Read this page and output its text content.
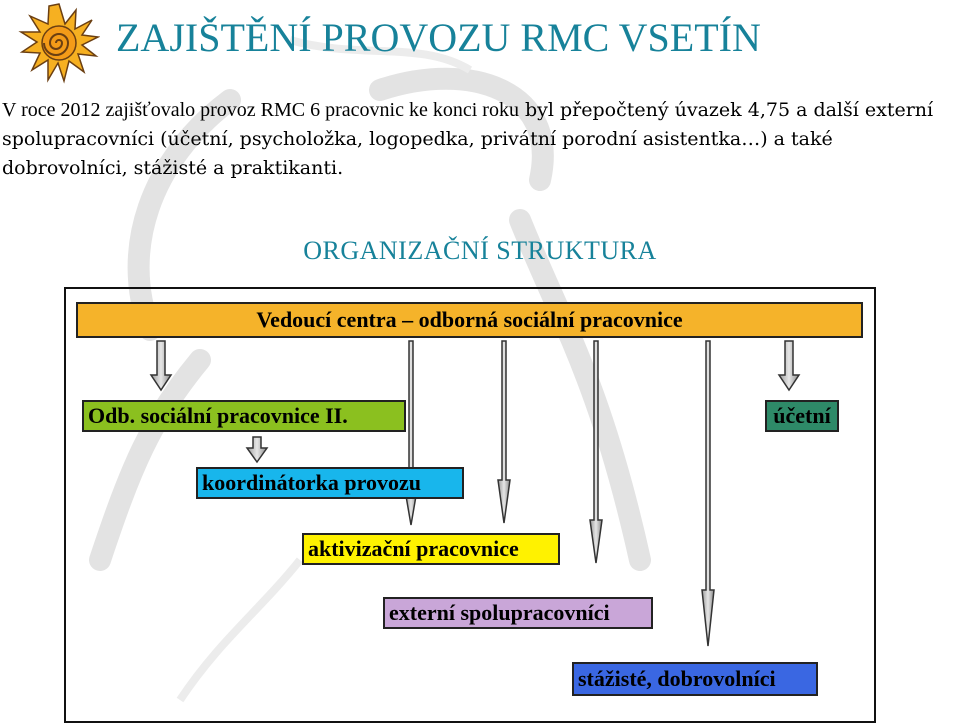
ZAJIŠTĚNÍ PROVOZU RMC VSETÍN

V roce 2012 zajišťovalo provoz RMC 6 pracovnic ke konci roku byl přepočtený úvazek 4,75 a další externí spolupracovníci (účetní, psycholožka, logopedka, privátní porodní asistentka…) a také dobrovolníci, stážisté a praktikanti.

ORGANIZAČNÍ STRUKTURA
Vedoucí centra – odborná sociální pracovnice
Odb. sociální pracovnice II.	účetní
koordinátorka provozu
aktivizační pracovnice
externí spolupracovníci
stážisté, dobrovolníci
